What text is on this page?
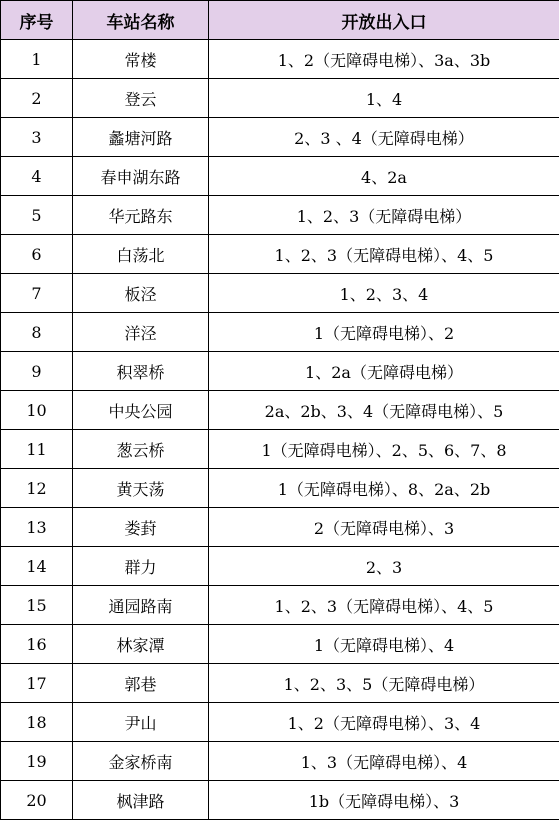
序号	车站名称	开放出入口
1	常楼	1、2（无障碍电梯）、3a、3b
2	登云	1、4
3	蠡塘河路	2、3 、4（无障碍电梯）
4	春申湖东路	4、2a
5	华元路东	1、2、3（无障碍电梯）
6	白荡北	1、2、3（无障碍电梯）、4、5
7	板泾	1、2、3、4
8	洋泾	1（无障碍电梯）、2
9	积翠桥	1、2a（无障碍电梯）
10	中央公园	2a、2b、3、4（无障碍电梯）、5
11	葱云桥	1（无障碍电梯）、2、5、6、7、8
12	黄天荡	1（无障碍电梯）、8、2a、2b
13	娄葑	2（无障碍电梯）、3
14	群力	2、3
15	通园路南	1、2、3（无障碍电梯）、4、5
16	林家潭	1（无障碍电梯）、4
17	郭巷	1、2、3、5（无障碍电梯）
18	尹山	1、2（无障碍电梯）、3、4
19	金家桥南	1、3（无障碍电梯）、4
20	枫津路	1b（无障碍电梯）、3
